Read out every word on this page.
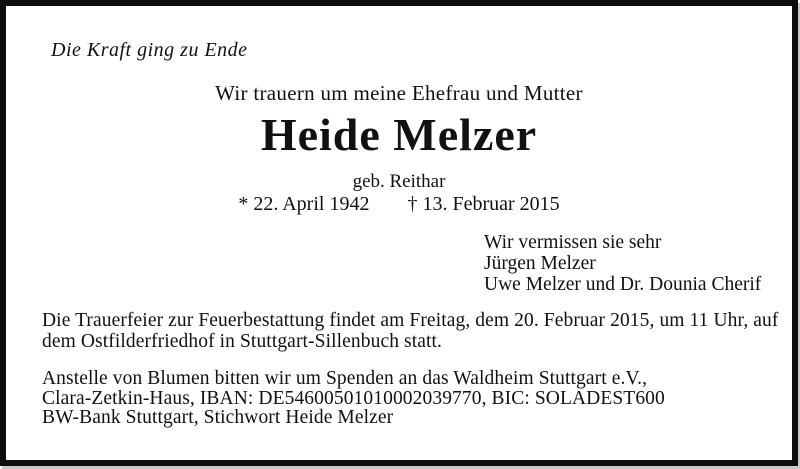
Die Kraft ging zu Ende
Wir trauern um meine Ehefrau und Mutter
Heide Melzer
geb. Reithar
* 22. April 1942 † 13. Februar 2015
Wir vermissen sie sehr
Jürgen Melzer
Uwe Melzer und Dr. Dounia Cherif
Die Trauerfeier zur Feuerbestattung findet am Freitag, dem 20. Februar 2015, um 11 Uhr, auf
dem Ostfilderfriedhof in Stuttgart-Sillenbuch statt.
Anstelle von Blumen bitten wir um Spenden an das Waldheim Stuttgart e.V.,
Clara-Zetkin-Haus, IBAN: DE54600501010002039770, BIC: SOLADEST600
BW-Bank Stuttgart, Stichwort Heide Melzer
